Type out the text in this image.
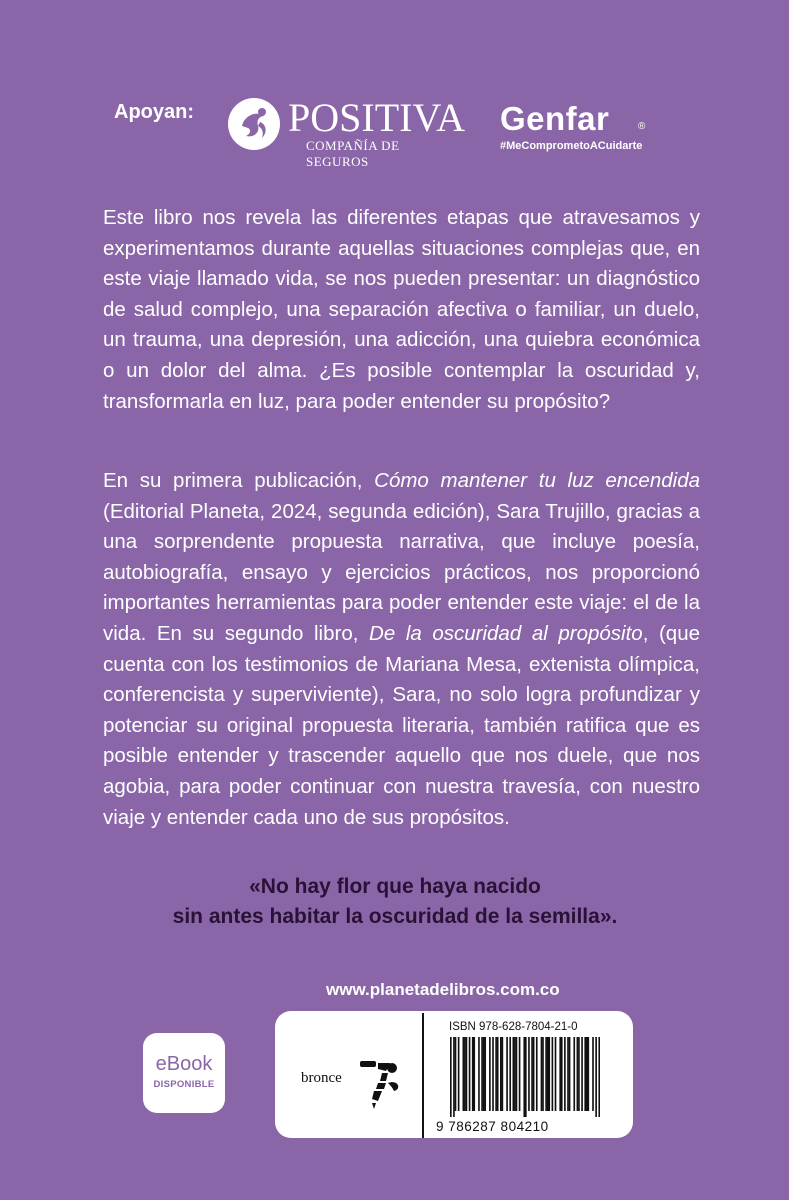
Apoyan: POSITIVA
COMPAÑÍA DE SEGUROS
Genfar	®
#MeComprometoACuidarte

Este libro nos revela las diferentes etapas que atravesamos y experimentamos durante aquellas situaciones complejas que, en este viaje llamado vida, se nos pueden presentar: un diagnóstico de salud complejo, una separación afectiva o familiar, un duelo, un trauma, una depresión, una adicción, una quiebra económica o un dolor del alma. ¿Es posible contemplar la oscuridad y, transformarla en luz, para poder entender su propósito?

En su primera publicación, Cómo mantener tu luz encendida (Editorial Planeta, 2024, segunda edición), Sara Trujillo, gracias a una sorprendente propuesta narrativa, que incluye poesía, autobiografía, ensayo y ejercicios prácticos, nos proporcionó importantes herramientas para poder entender este viaje: el de la vida. En su segundo libro, De la oscuridad al propósito, (que cuenta con los testimonios de Mariana Mesa, extenista olímpica, conferencista y superviviente), Sara, no solo logra profundizar y potenciar su original propuesta literaria, también ratifica que es posible entender y trascender aquello que nos duele, que nos agobia, para poder continuar con nuestra travesía, con nuestro viaje y entender cada uno de sus propósitos.

«No hay flor que haya nacido
sin antes habitar la oscuridad de la semilla».

www.planetadelibros.com.co
eBook
DISPONIBLE	bronce
ISBN 978-628-7804-21-0
9 786287 804210
